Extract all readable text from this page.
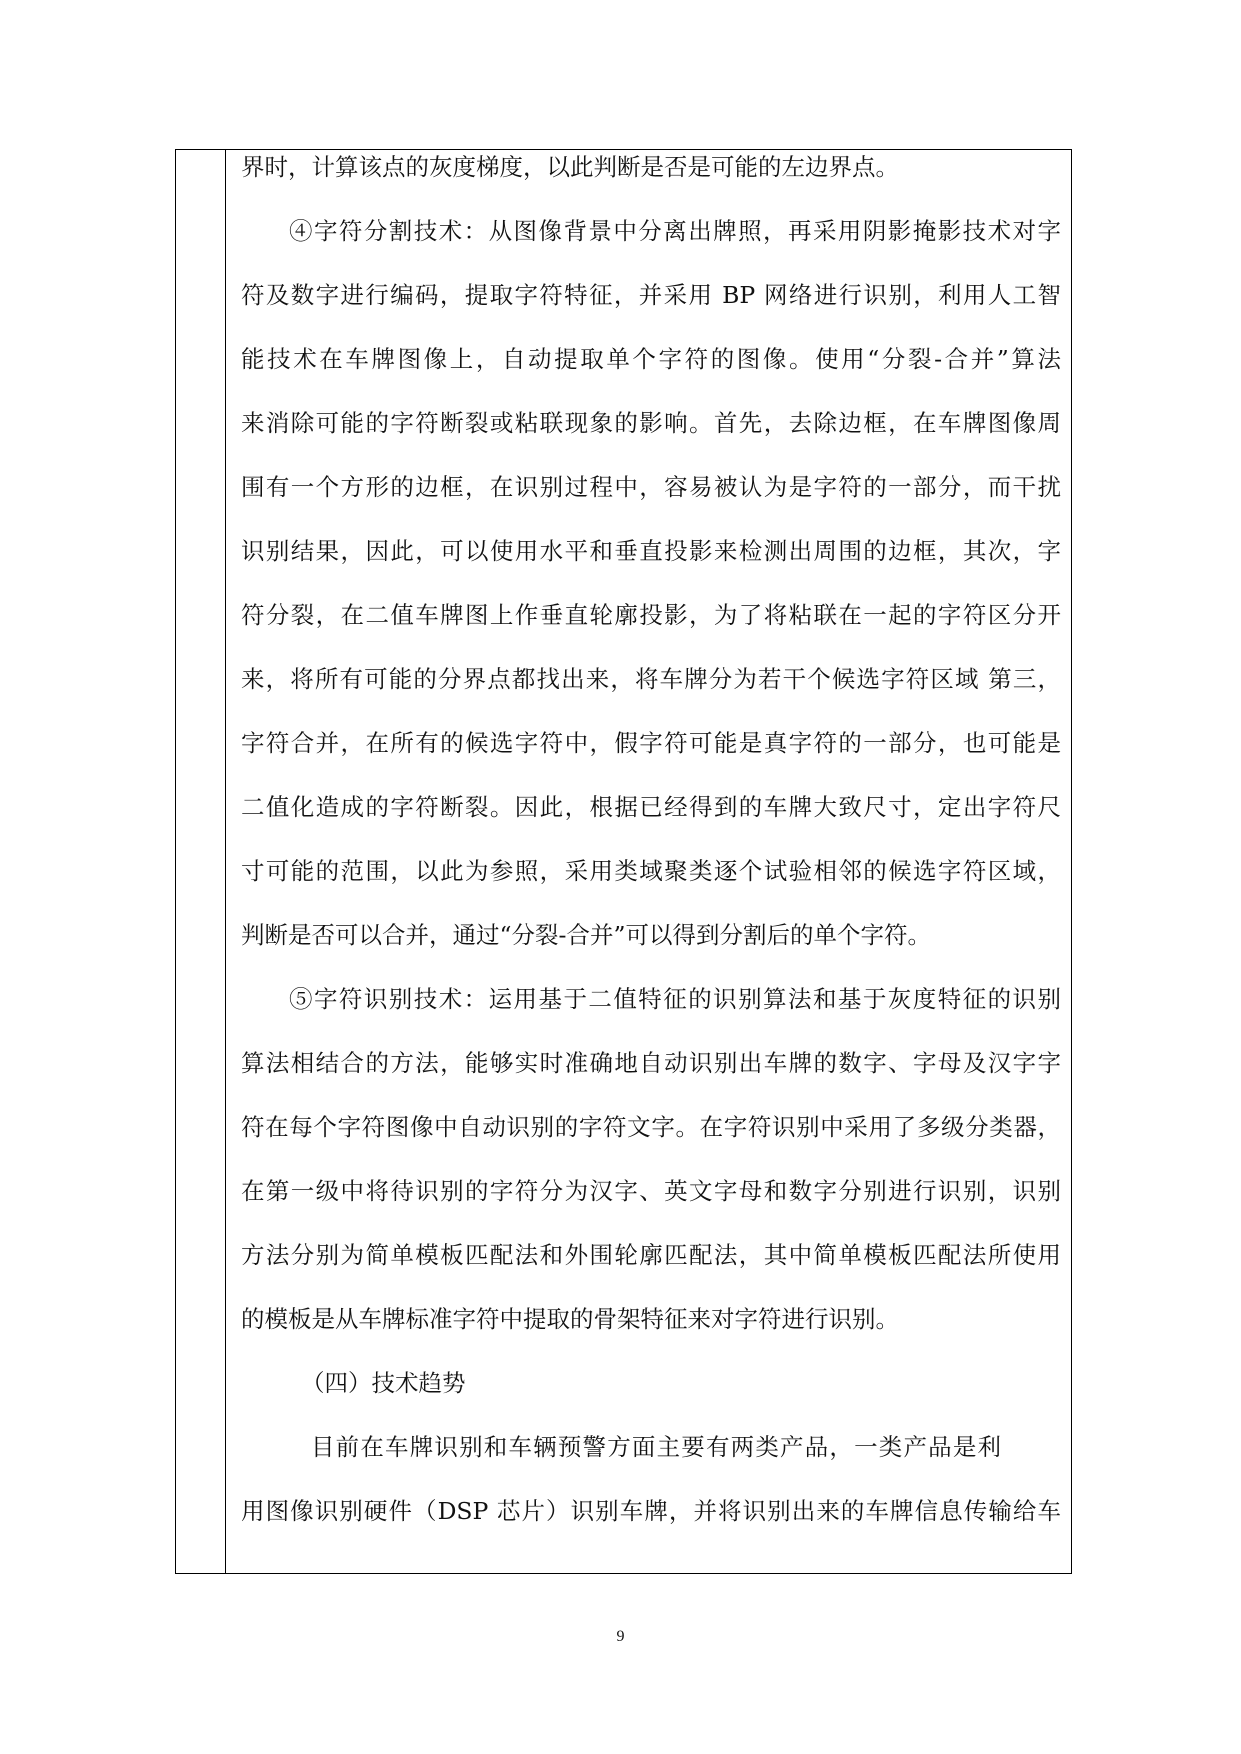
界时，计算该点的灰度梯度，以此判断是否是可能的左边界点。
④字符分割技术：从图像背景中分离出牌照，再采用阴影掩影技术对字
符及数字进行编码，提取字符特征，并采用 BP 网络进行识别，利用人工智
能技术在车牌图像上，自动提取单个字符的图像。使用“分裂-合并”算法
来消除可能的字符断裂或粘联现象的影响。首先，去除边框，在车牌图像周
围有一个方形的边框，在识别过程中，容易被认为是字符的一部分，而干扰
识别结果，因此，可以使用水平和垂直投影来检测出周围的边框，其次，字
符分裂，在二值车牌图上作垂直轮廓投影，为了将粘联在一起的字符区分开
来，将所有可能的分界点都找出来，将车牌分为若干个候选字符区域 第三，
字符合并，在所有的候选字符中，假字符可能是真字符的一部分，也可能是
二值化造成的字符断裂。因此，根据已经得到的车牌大致尺寸，定出字符尺
寸可能的范围，以此为参照，采用类域聚类逐个试验相邻的候选字符区域，
判断是否可以合并，通过“分裂-合并”可以得到分割后的单个字符。
⑤字符识别技术：运用基于二值特征的识别算法和基于灰度特征的识别
算法相结合的方法，能够实时准确地自动识别出车牌的数字、字母及汉字字
符在每个字符图像中自动识别的字符文字。在字符识别中采用了多级分类器，
在第一级中将待识别的字符分为汉字、英文字母和数字分别进行识别，识别
方法分别为简单模板匹配法和外围轮廓匹配法，其中简单模板匹配法所使用
的模板是从车牌标准字符中提取的骨架特征来对字符进行识别。
（四）技术趋势
目前在车牌识别和车辆预警方面主要有两类产品，一类产品是利
用图像识别硬件（DSP 芯片）识别车牌，并将识别出来的车牌信息传输给车
9
